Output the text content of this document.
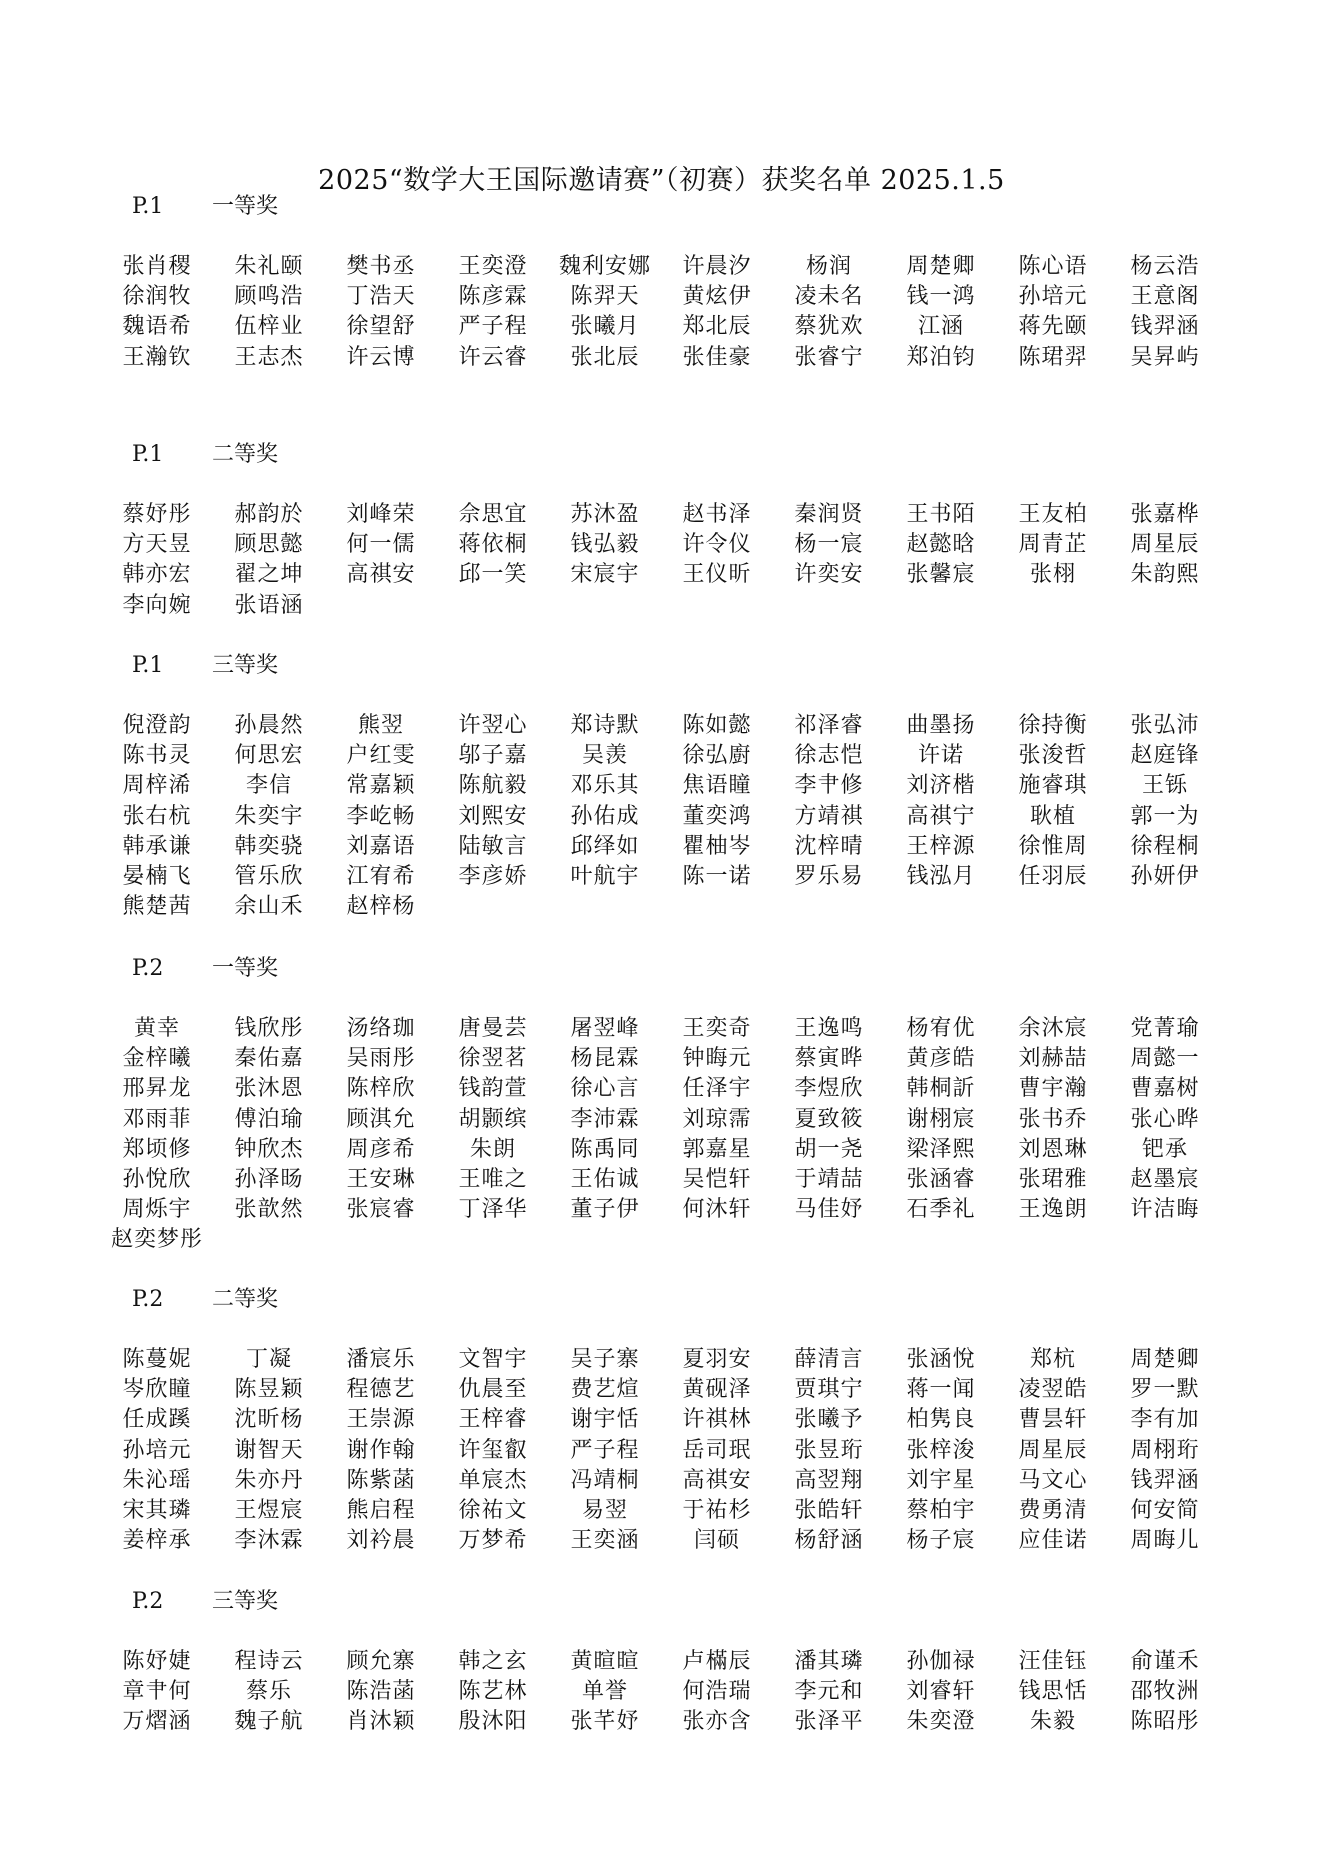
2025“数学大王国际邀请赛”（初赛）获奖名单 2025.1.5
P.1 一等奖
张肖稷	朱礼颐	樊书丞	王奕澄	魏利安娜	许晨汐	杨润	周楚卿	陈心语	杨云浩
徐润牧	顾鸣浩	丁浩天	陈彦霖	陈羿天	黄炫伊	凌未名	钱一鸿	孙培元	王意阁
魏语希	伍梓业	徐望舒	严子程	张曦月	郑北辰	蔡犹欢	江涵	蒋先颐	钱羿涵
王瀚钦	王志杰	许云博	许云睿	张北辰	张佳豪	张睿宁	郑泊钧	陈珺羿	吴昇屿
P.1 二等奖
蔡妤彤	郝韵於	刘峰荣	佘思宜	苏沐盈	赵书泽	秦润贤	王书陌	王友柏	张嘉桦
方天昱	顾思懿	何一儒	蒋依桐	钱弘毅	许令仪	杨一宸	赵懿晗	周青芷	周星辰
韩亦宏	翟之坤	高祺安	邱一笑	宋宸宇	王仪昕	许奕安	张馨宸	张栩	朱韵熙
李向婉	张语涵
P.1 三等奖
倪澄韵	孙晨然	熊翌	许翌心	郑诗默	陈如懿	祁泽睿	曲墨扬	徐持衡	张弘沛
陈书灵	何思宏	户红雯	邬子嘉	吴羡	徐弘廚	徐志恺	许诺	张浚哲	赵庭锋
周梓浠	李信	常嘉颖	陈航毅	邓乐其	焦语瞳	李肀修	刘济楷	施睿琪	王铄
张右杭	朱奕宇	李屹畅	刘熙安	孙佑成	董奕鸿	方靖祺	高祺宁	耿植	郭一为
韩承谦	韩奕骁	刘嘉语	陆敏言	邱绎如	瞿柚岑	沈梓晴	王梓源	徐惟周	徐程桐
晏楠飞	管乐欣	江宥希	李彦娇	叶航宇	陈一诺	罗乐易	钱泓月	任羽辰	孙妍伊
熊楚茜	余山禾	赵梓杨
P.2 一等奖
黄幸	钱欣彤	汤络珈	唐曼芸	屠翌峰	王奕奇	王逸鸣	杨宥优	余沐宸	党菁瑜
金梓曦	秦佑嘉	吴雨彤	徐翌茗	杨昆霖	钟晦元	蔡寅晔	黄彦皓	刘赫喆	周懿一
邢昇龙	张沐恩	陈梓欣	钱韵萱	徐心言	任泽宇	李煜欣	韩桐訢	曹宇瀚	曹嘉树
邓雨菲	傅泊瑜	顾淇允	胡颢缤	李沛霖	刘琼霈	夏致筱	谢栩宸	张书乔	张心晔
郑顷修	钟欣杰	周彦希	朱朗	陈禹同	郭嘉星	胡一尧	梁泽熙	刘恩琳	钯承
孙悅欣	孙泽旸	王安琳	王唯之	王佑诚	吴恺轩	于靖喆	张涵睿	张珺雅	赵墨宸
周烁宇	张歆然	张宸睿	丁泽华	董子伊	何沐轩	马佳妤	石季礼	王逸朗	许洁晦
赵奕梦彤
P.2 二等奖
陈蔓妮	丁凝	潘宸乐	文智宇	吴子寨	夏羽安	薛清言	张涵悅	郑杭	周楚卿
岑欣瞳	陈昱颖	程德艺	仇晨至	费艺煊	黄砚泽	贾琪宁	蒋一闻	凌翌皓	罗一默
任成蹊	沈昕杨	王崇源	王梓睿	谢宇恬	许祺林	张曦予	柏隽良	曹昙轩	李有加
孙培元	谢智天	谢作翰	许玺叡	严子程	岳司珉	张昱珩	张梓浚	周星辰	周栩珩
朱沁瑶	朱亦丹	陈紫菡	单宸杰	冯靖桐	高祺安	高翌翔	刘宇星	马文心	钱羿涵
宋其璘	王煜宸	熊启程	徐祐文	易翌	于祐杉	张皓轩	蔡柏宇	费勇清	何安简
姜梓承	李沐霖	刘衿晨	万梦希	王奕涵	闫硕	杨舒涵	杨子宸	应佳诺	周晦儿
P.2 三等奖
陈妤婕	程诗云	顾允寨	韩之玄	黄暄暄	卢樠辰	潘其璘	孙伽禄	汪佳钰	俞谨禾
章肀何	蔡乐	陈浩菡	陈艺林	单誉	何浩瑞	李元和	刘睿轩	钱思恬	邵牧洲
万熠涵	魏子航	肖沐颖	殷沐阳	张芊妤	张亦含	张泽平	朱奕澄	朱毅	陈昭彤
